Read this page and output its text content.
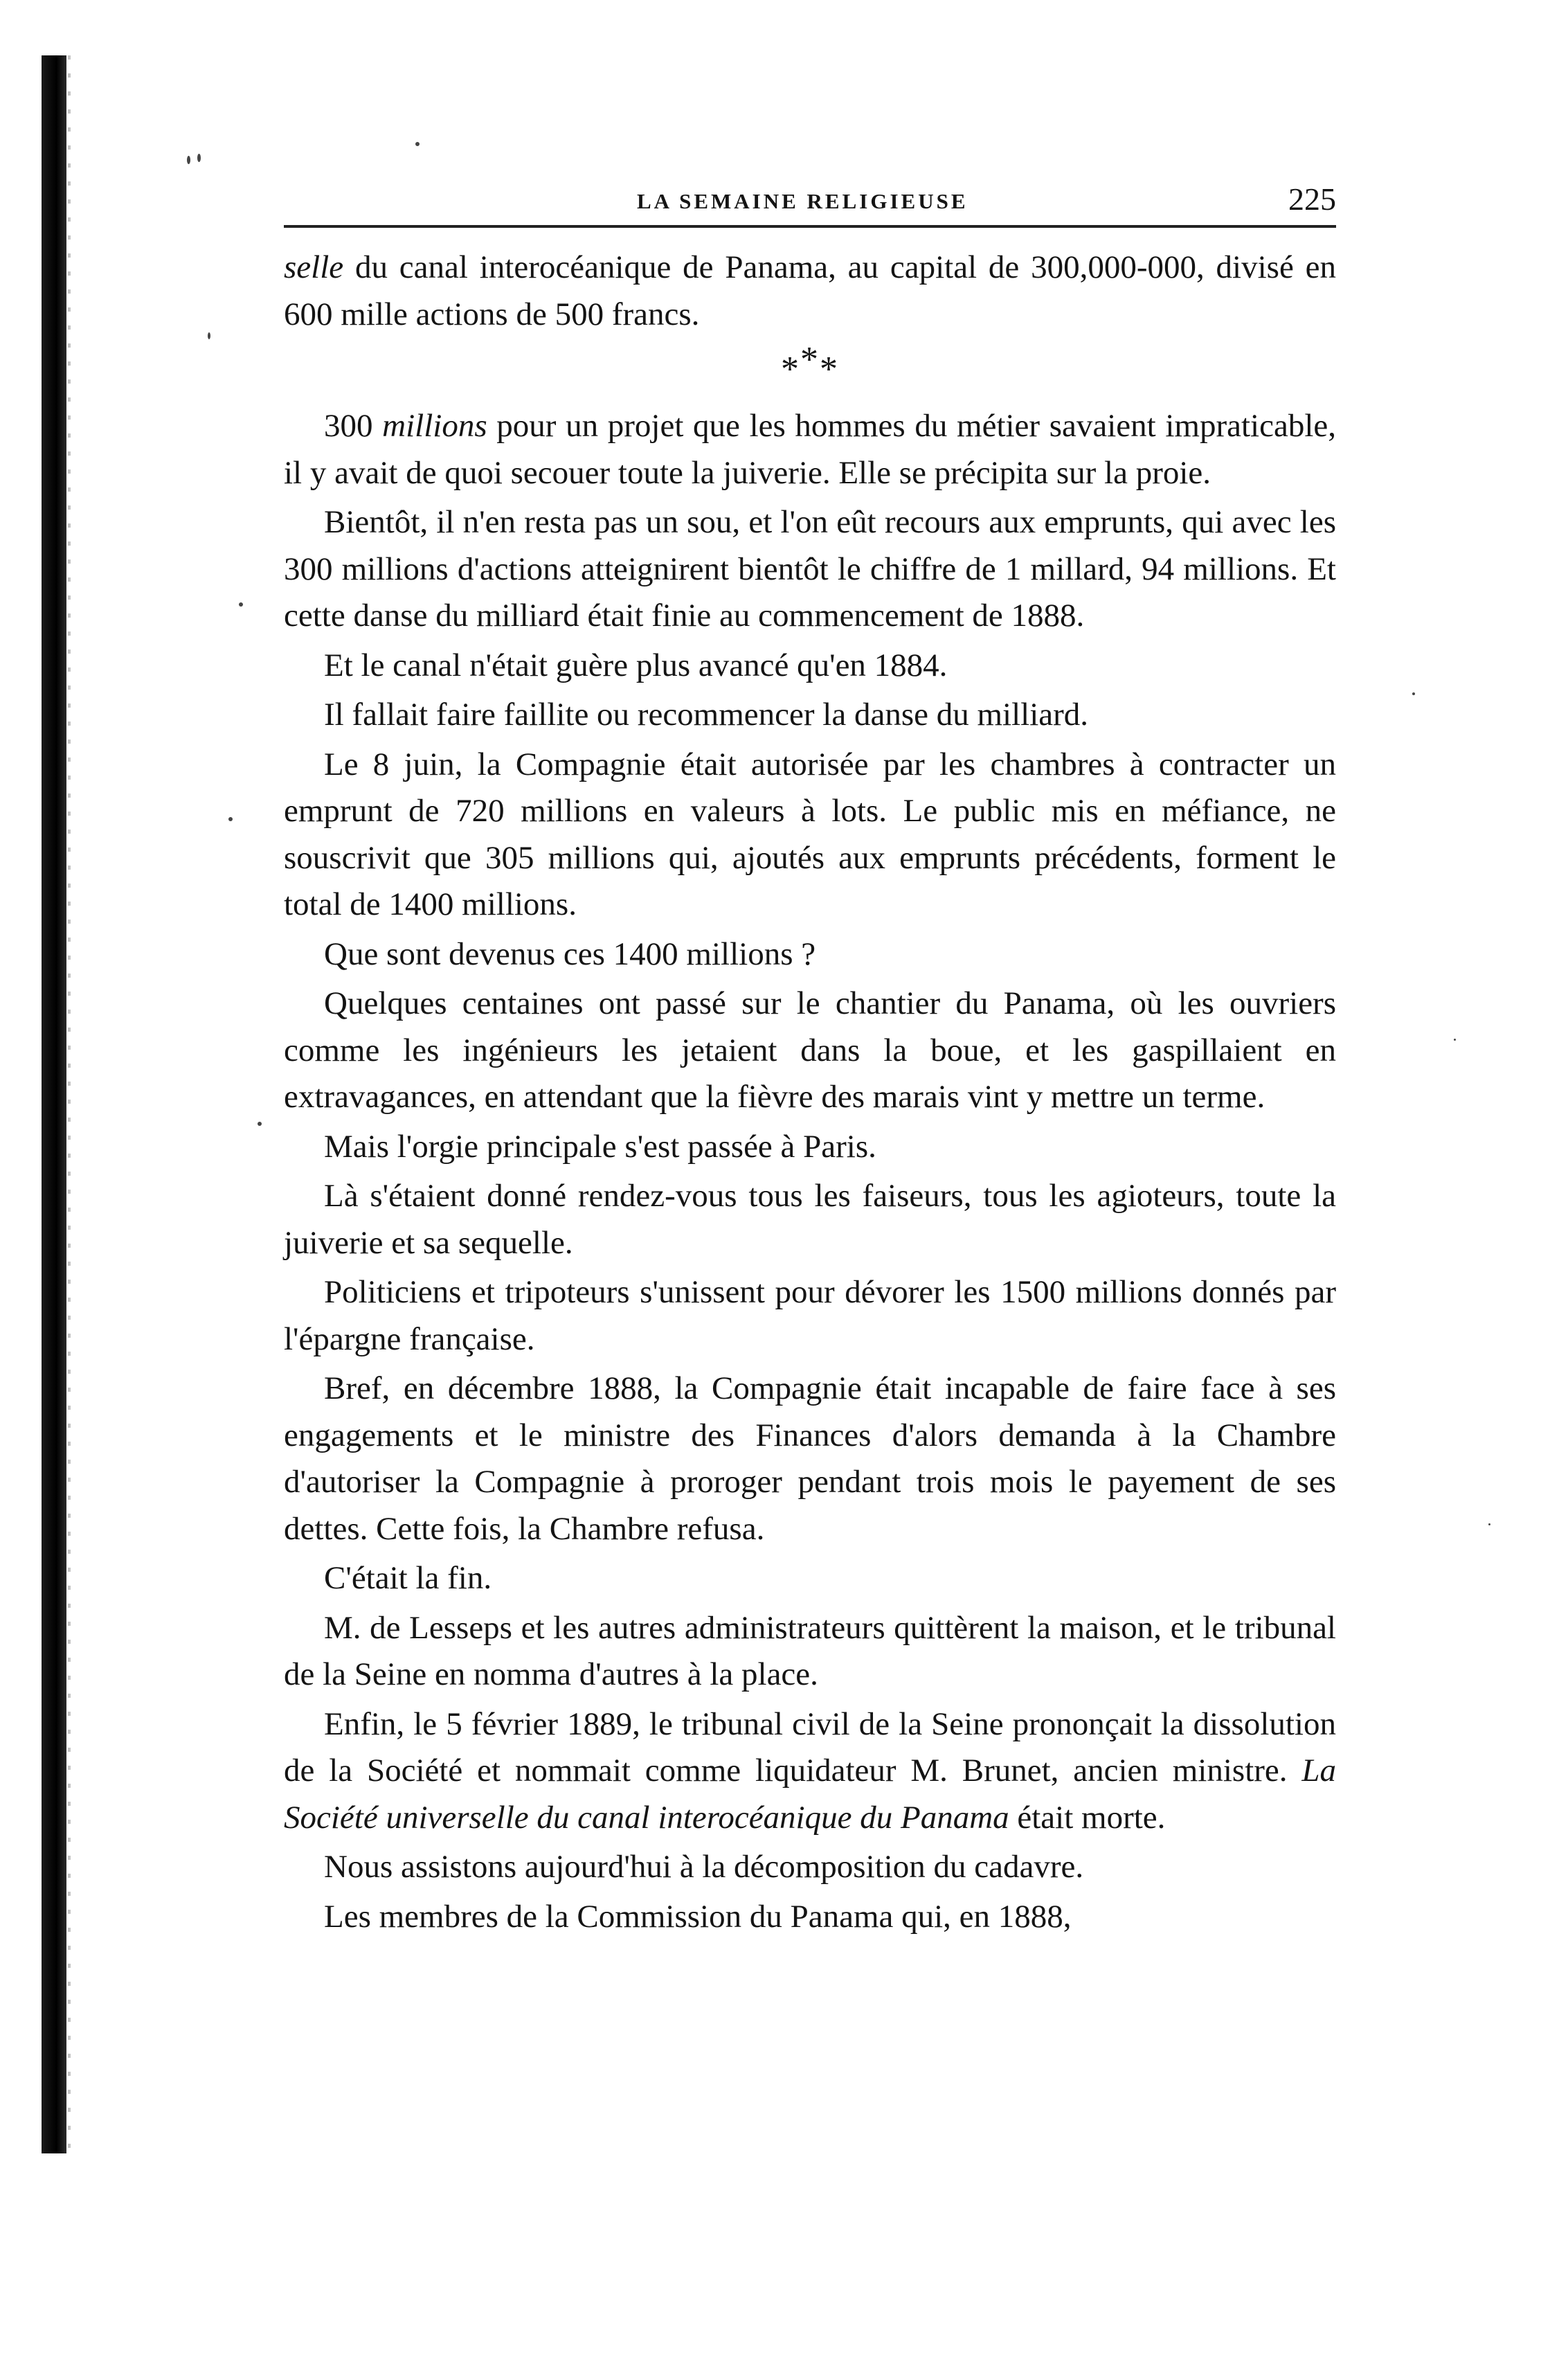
LA SEMAINE RELIGIEUSE	225

selle du canal interocéanique de Panama, au capital de 300,000-000, divisé en 600 mille actions de 500 francs.

***

300 millions pour un projet que les hommes du métier savaient impraticable, il y avait de quoi secouer toute la juiverie. Elle se précipita sur la proie.

Bientôt, il n'en resta pas un sou, et l'on eût recours aux emprunts, qui avec les 300 millions d'actions atteignirent bientôt le chiffre de 1 millard, 94 millions. Et cette danse du milliard était finie au commencement de 1888.

Et le canal n'était guère plus avancé qu'en 1884.

Il fallait faire faillite ou recommencer la danse du milliard.

Le 8 juin, la Compagnie était autorisée par les chambres à contracter un emprunt de 720 millions en valeurs à lots. Le public mis en méfiance, ne souscrivit que 305 millions qui, ajoutés aux emprunts précédents, forment le total de 1400 millions.

Que sont devenus ces 1400 millions ?

Quelques centaines ont passé sur le chantier du Panama, où les ouvriers comme les ingénieurs les jetaient dans la boue, et les gaspillaient en extravagances, en attendant que la fièvre des marais vint y mettre un terme.

Mais l'orgie principale s'est passée à Paris.

Là s'étaient donné rendez-vous tous les faiseurs, tous les agioteurs, toute la juiverie et sa sequelle.

Politiciens et tripoteurs s'unissent pour dévorer les 1500 millions donnés par l'épargne française.

Bref, en décembre 1888, la Compagnie était incapable de faire face à ses engagements et le ministre des Finances d'alors demanda à la Chambre d'autoriser la Compagnie à proroger pendant trois mois le payement de ses dettes. Cette fois, la Chambre refusa.

C'était la fin.

M. de Lesseps et les autres administrateurs quittèrent la maison, et le tribunal de la Seine en nomma d'autres à la place.

Enfin, le 5 février 1889, le tribunal civil de la Seine prononçait la dissolution de la Société et nommait comme liquidateur M. Brunet, ancien ministre. La Société universelle du canal interocéanique du Panama était morte.

Nous assistons aujourd'hui à la décomposition du cadavre.

Les membres de la Commission du Panama qui, en 1888,
